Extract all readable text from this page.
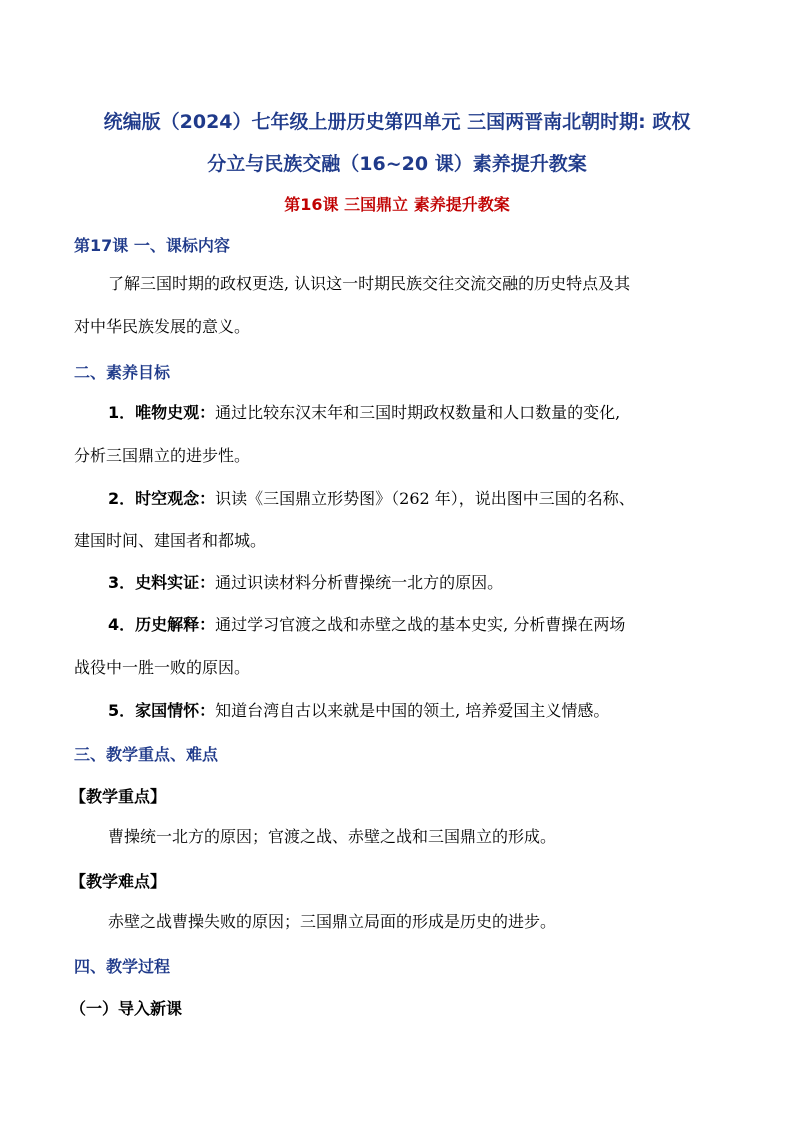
统编版（2024）七年级上册历史第四单元 三国两晋南北朝时期: 政权
分立与民族交融（16~20 课）素养提升教案
第16课 三国鼎立 素养提升教案
第17课 一、课标内容
了解三国时期的政权更迭, 认识这一时期民族交往交流交融的历史特点及其
对中华民族发展的意义。
二、素养目标
1．唯物史观：通过比较东汉末年和三国时期政权数量和人口数量的变化,
分析三国鼎立的进步性。
2．时空观念：识读《三国鼎立形势图》（262 年），说出图中三国的名称、
建国时间、建国者和都城。
3．史料实证：通过识读材料分析曹操统一北方的原因。
4．历史解释：通过学习官渡之战和赤壁之战的基本史实, 分析曹操在两场
战役中一胜一败的原因。
5．家国情怀：知道台湾自古以来就是中国的领土, 培养爱国主义情感。
三、教学重点、难点
【教学重点】
曹操统一北方的原因；官渡之战、赤壁之战和三国鼎立的形成。
【教学难点】
赤壁之战曹操失败的原因；三国鼎立局面的形成是历史的进步。
四、教学过程
（一）导入新课
